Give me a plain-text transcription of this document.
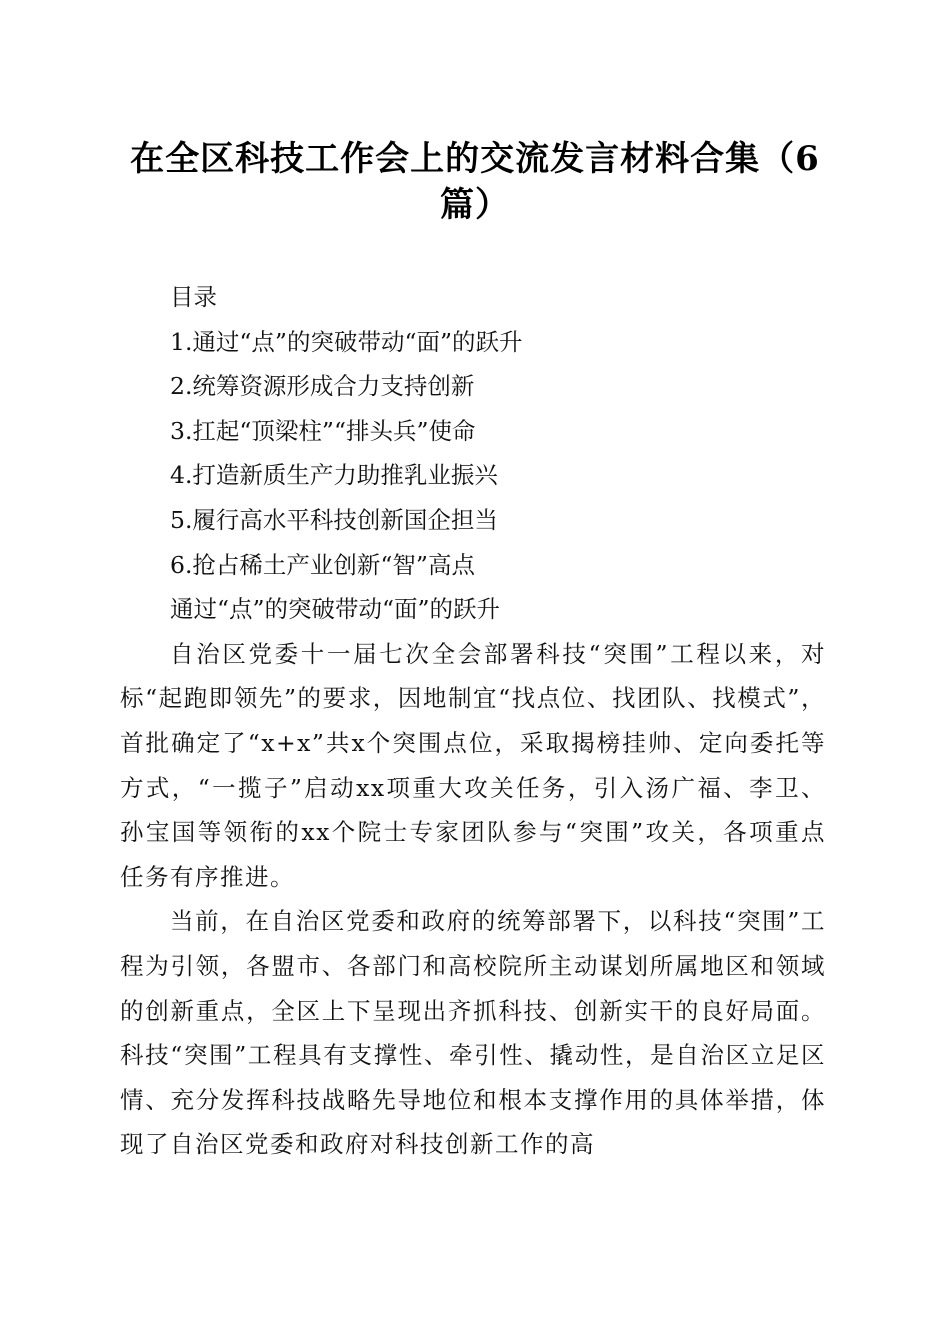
在全区科技工作会上的交流发言材料合集（6篇）
目录
1.通过“点”的突破带动“面”的跃升
2.统筹资源形成合力支持创新
3.扛起“顶梁柱”“排头兵”使命
4.打造新质生产力助推乳业振兴
5.履行高水平科技创新国企担当
6.抢占稀土产业创新“智”高点
通过“点”的突破带动“面”的跃升
自治区党委十一届七次全会部署科技“突围”工程以来，对标“起跑即领先”的要求，因地制宜“找点位、找团队、找模式”，首批确定了“x+x”共x个突围点位，采取揭榜挂帅、定向委托等方式，“一揽子”启动xx项重大攻关任务，引入汤广福、李卫、孙宝国等领衔的xx个院士专家团队参与“突围”攻关，各项重点任务有序推进。
当前，在自治区党委和政府的统筹部署下，以科技“突围”工程为引领，各盟市、各部门和高校院所主动谋划所属地区和领域的创新重点，全区上下呈现出齐抓科技、创新实干的良好局面。科技“突围”工程具有支撑性、牵引性、撬动性，是自治区立足区情、充分发挥科技战略先导地位和根本支撑作用的具体举措，体现了自治区党委和政府对科技创新工作的高
